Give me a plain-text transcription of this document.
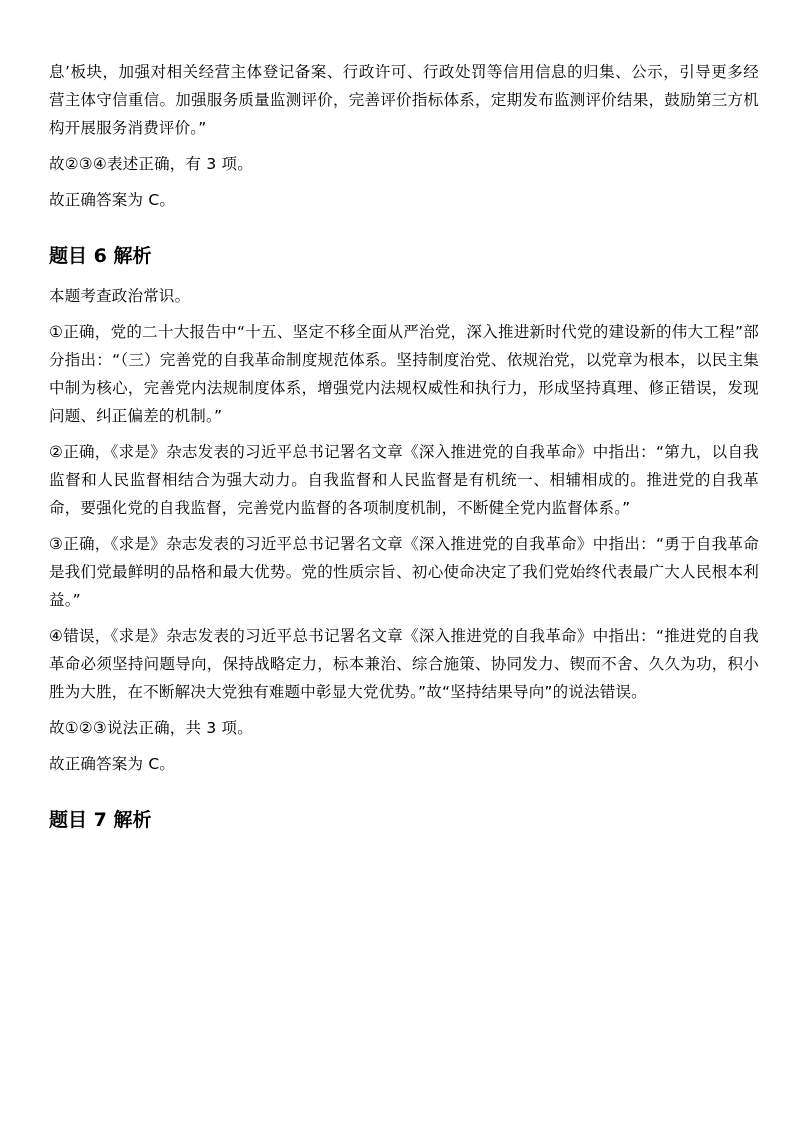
息’板块，加强对相关经营主体登记备案、行政许可、行政处罚等信用信息的归集、公示，引导更多经营主体守信重信。加强服务质量监测评价，完善评价指标体系，定期发布监测评价结果，鼓励第三方机构开展服务消费评价。”

故②③④表述正确，有 3 项。

故正确答案为 C。

题目 6 解析

本题考查政治常识。

①正确，党的二十大报告中“十五、坚定不移全面从严治党，深入推进新时代党的建设新的伟大工程”部分指出：“（三）完善党的自我革命制度规范体系。坚持制度治党、依规治党，以党章为根本，以民主集中制为核心，完善党内法规制度体系，增强党内法规权威性和执行力，形成坚持真理、修正错误，发现问题、纠正偏差的机制。”

②正确，《求是》杂志发表的习近平总书记署名文章《深入推进党的自我革命》中指出：“第九，以自我监督和人民监督相结合为强大动力。自我监督和人民监督是有机统一、相辅相成的。推进党的自我革命，要强化党的自我监督，完善党内监督的各项制度机制，不断健全党内监督体系。”

③正确，《求是》杂志发表的习近平总书记署名文章《深入推进党的自我革命》中指出：“勇于自我革命是我们党最鲜明的品格和最大优势。党的性质宗旨、初心使命决定了我们党始终代表最广大人民根本利益。”

④错误，《求是》杂志发表的习近平总书记署名文章《深入推进党的自我革命》中指出：“推进党的自我革命必须坚持问题导向，保持战略定力，标本兼治、综合施策、协同发力、锲而不舍、久久为功，积小胜为大胜，在不断解决大党独有难题中彰显大党优势。”故“坚持结果导向”的说法错误。

故①②③说法正确，共 3 项。

故正确答案为 C。

题目 7 解析
